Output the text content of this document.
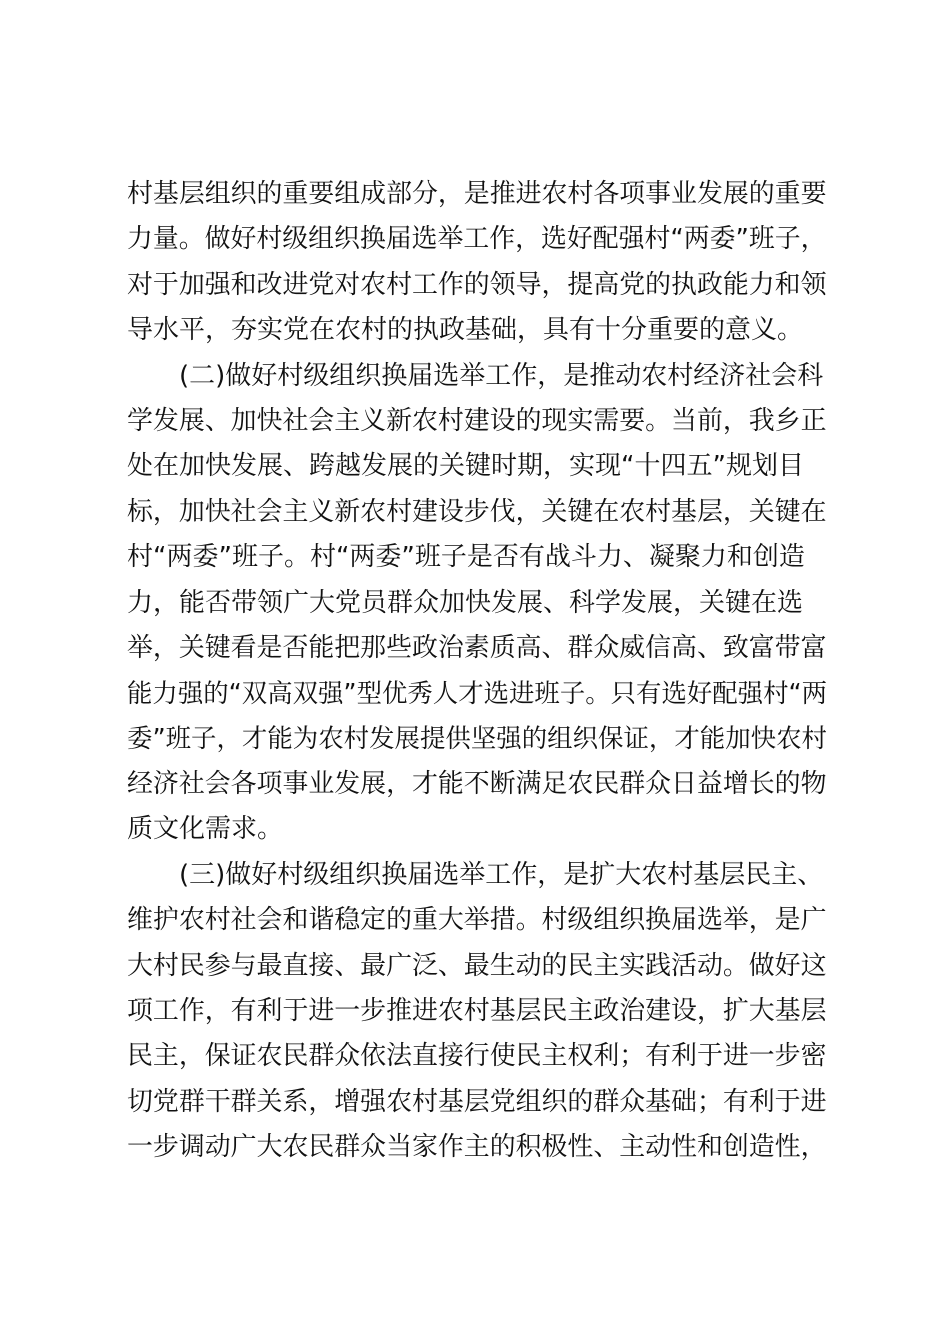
村基层组织的重要组成部分，是推进农村各项事业发展的重要
力量。做好村级组织换届选举工作，选好配强村“两委”班子，
对于加强和改进党对农村工作的领导，提高党的执政能力和领
导水平，夯实党在农村的执政基础，具有十分重要的意义。
　　(二)做好村级组织换届选举工作，是推动农村经济社会科
学发展、加快社会主义新农村建设的现实需要。当前，我乡正
处在加快发展、跨越发展的关键时期，实现“十四五”规划目
标，加快社会主义新农村建设步伐，关键在农村基层，关键在
村“两委”班子。村“两委”班子是否有战斗力、凝聚力和创造
力，能否带领广大党员群众加快发展、科学发展，关键在选
举，关键看是否能把那些政治素质高、群众威信高、致富带富
能力强的“双高双强”型优秀人才选进班子。只有选好配强村“两
委”班子，才能为农村发展提供坚强的组织保证，才能加快农村
经济社会各项事业发展，才能不断满足农民群众日益增长的物
质文化需求。
　　(三)做好村级组织换届选举工作，是扩大农村基层民主、
维护农村社会和谐稳定的重大举措。村级组织换届选举，是广
大村民参与最直接、最广泛、最生动的民主实践活动。做好这
项工作，有利于进一步推进农村基层民主政治建设，扩大基层
民主，保证农民群众依法直接行使民主权利；有利于进一步密
切党群干群关系，增强农村基层党组织的群众基础；有利于进
一步调动广大农民群众当家作主的积极性、主动性和创造性，
